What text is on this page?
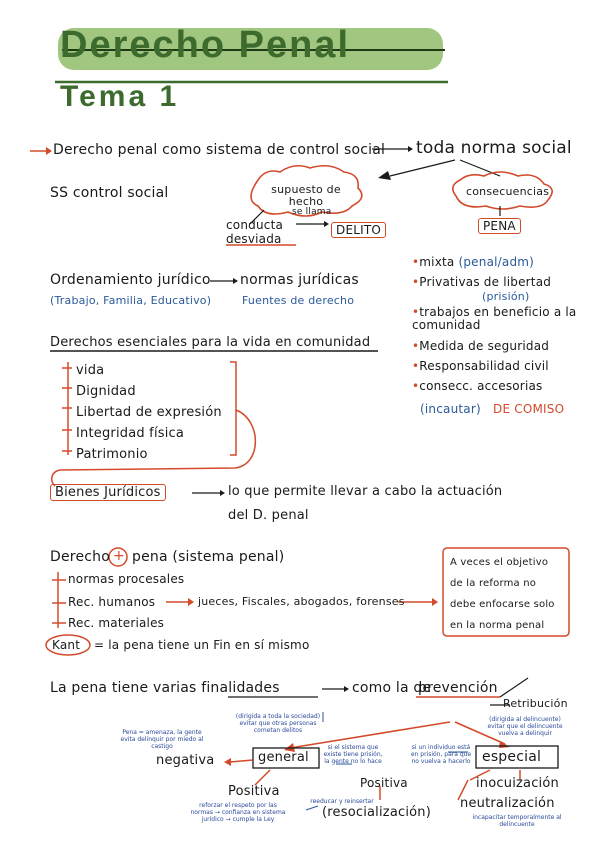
Derecho Penal
Tema 1
Derecho penal como sistema de control social toda norma social
SS control social	supuesto de hecho
consecuencias
se llama
conducta
desviada
DELITO	PENA
•mixta (penal/adm)
•Privativas de libertad
(prisión)
•trabajos en beneficio a la comunidad
•Medida de seguridad
•Responsabilidad civil
•consecc. accesorias
(incautar) DE COMISO
Ordenamiento jurídico normas jurídicas
(Trabajo, Familia, Educativo)	Fuentes de derecho
Derechos esenciales para la vida en comunidad
vida
Dignidad
Libertad de expresión
Integridad física
Patrimonio
Bienes Jurídicos	lo que permite llevar a cabo la actuación
del D. penal
Derecho + pena (sistema penal)
normas procesales
Rec. humanos
Rec. materiales
jueces, Fiscales, abogados, forenses
A veces el objetivo
de la reforma no
debe enfocarse solo
en la norma penal
Kant = la pena tiene un Fin en sí mismo
La pena tiene varias finalidades	como la de
prevención
Retribución
(dirigida a toda la sociedad) evitar que otras personas cometan delitos
(dirigida al delincuente) evitar que el delincuente vuelva a delinquir
Pena = amenaza, la gente evita delinquir por miedo al castigo	si el sistema que existe tiene prisión, la gente no lo hace
si un individuo está en prisión, para que no vuelva a hacerlo
general	especial
negativa
Positiva
Positiva	inocuización
neutralización
(resocialización)
reforzar el respeto por las normas → confianza en sistema jurídico → cumple la Ley
reeducar y reinsertar
incapacitar temporalmente al delincuente
